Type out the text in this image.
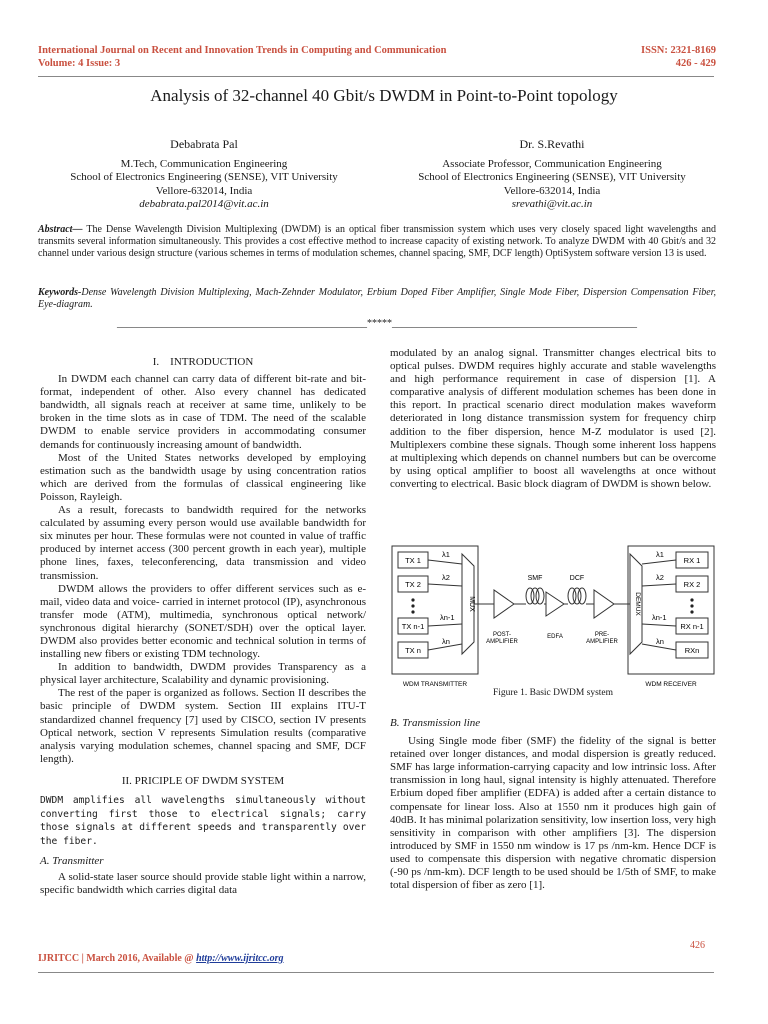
International Journal on Recent and Innovation Trends in Computing and Communication
Volume: 4 Issue: 3
ISSN: 2321-8169
426 - 429
Analysis of 32-channel 40 Gbit/s DWDM in Point-to-Point topology
Debabrata Pal
M.Tech, Communication Engineering
School of Electronics Engineering (SENSE), VIT University
Vellore-632014, India
debabrata.pal2014@vit.ac.in
Dr. S.Revathi
Associate Professor, Communication Engineering
School of Electronics Engineering (SENSE), VIT University
Vellore-632014, India
srevathi@vit.ac.in
Abstract— The Dense Wavelength Division Multiplexing (DWDM) is an optical fiber transmission system which uses very closely spaced light wavelengths and transmits several information simultaneously. This provides a cost effective method to increase capacity of existing network. To analyze DWDM with 40 Gbit/s and 32 channel under various design structure (various schemes in terms of modulation schemes, channel spacing, SMF, DCF length) OptiSystem software version 13 is used.
Keywords-Dense Wavelength Division Multiplexing, Mach-Zehnder Modulator, Erbium Doped Fiber Amplifier, Single Mode Fiber, Dispersion Compensation Fiber, Eye-diagram.
__________________________________________________*****_________________________________________________
I. INTRODUCTION

In DWDM each channel can carry data of different bit-rate and bit-format, independent of other. Also every channel has dedicated bandwidth, all signals reach at receiver at same time, unlikely to be broken in the time slots as in case of TDM. The need of the scalable DWDM to enable service providers in accommodating consumer demands for continuously increasing amount of bandwidth.

Most of the United States networks developed by employing estimation such as the bandwidth usage by using concentration ratios which are derived from the formulas of classical engineering like Poisson, Rayleigh.

As a result, forecasts to bandwidth required for the networks calculated by assuming every person would use available bandwidth for six minutes per hour. These formulas were not counted in value of traffic produced by internet access (300 percent growth in each year), multiple phone lines, faxes, teleconferencing, data transmission and video transmission.

DWDM allows the providers to offer different services such as e-mail, video data and voice- carried in internet protocol (IP), asynchronous transfer mode (ATM), multimedia, synchronous optical network/ synchronous digital hierarchy (SONET/SDH) over the optical layer. DWDM also provides better economic and technical solution in terms of installing new fibers or existing TDM technology.

In addition to bandwidth, DWDM provides Transparency as a physical layer architecture, Scalability and dynamic provisioning.

The rest of the paper is organized as follows. Section II describes the basic principle of DWDM system. Section III explains ITU-T standardized channel frequency [7] used by CISCO, section IV presents Optical network, section V represents Simulation results (comparative analysis varying modulation schemes, channel spacing and SMF, DCF length).

II. PRICIPLE OF DWDM SYSTEM
DWDM amplifies all wavelengths simultaneously without converting first those to electrical signals; carry those signals at different speeds and transparently over the fiber.
A. Transmitter

A solid-state laser source should provide stable light within a narrow, specific bandwidth which carries digital data

modulated by an analog signal. Transmitter changes electrical bits to optical pulses. DWDM requires highly accurate and stable wavelengths and high performance requirement in case of dispersion [1]. A comparative analysis of different modulation schemes has been done in this report. In practical scenario direct modulation makes waveform deteriorated in long distance transmission system for frequency chirp addition to the fiber dispersion, hence M-Z modulator is used [2]. Multiplexers combine these signals. Though some inherent loss happens at multiplexing which depends on channel numbers but can be overcome by using optical amplifier to boost all wavelengths at once without converting to electrical. Basic block diagram of DWDM is shown below.

TX 1
TX 2
TX n-1
TX n
λ1
λ2
λn-1
λn
MUX
WDM TRANSMITTER
SMF	DCF
POST-AMPLIFIER
EDFA	PRE-AMPLIFIER
DEMUX
λ1
λ2
λn-1
λn
RX 1
RX 2
RX n-1
RXn
WDM RECEIVER
Figure 1. Basic DWDM system
B. Transmission line

Using Single mode fiber (SMF) the fidelity of the signal is better retained over longer distances, and modal dispersion is greatly reduced. SMF has large information-carrying capacity and low intrinsic loss. After transmission in long haul, signal intensity is highly attenuated. Therefore Erbium doped fiber amplifier (EDFA) is added after a certain distance to compensate for linear loss. Also at 1550 nm it produces high gain of 40dB. It has minimal polarization sensitivity, low insertion loss, very high sensitivity in comparison with other amplifiers [3]. The dispersion introduced by SMF in 1550 nm window is 17 ps /nm-km. Hence DCF is used to compensate this dispersion with negative chromatic dispersion (-90 ps /nm-km). DCF length to be used should be 1/5th of SMF, to make total dispersion of fiber as zero [1].

426
IJRITCC | March 2016, Available @ http://www.ijritcc.org
